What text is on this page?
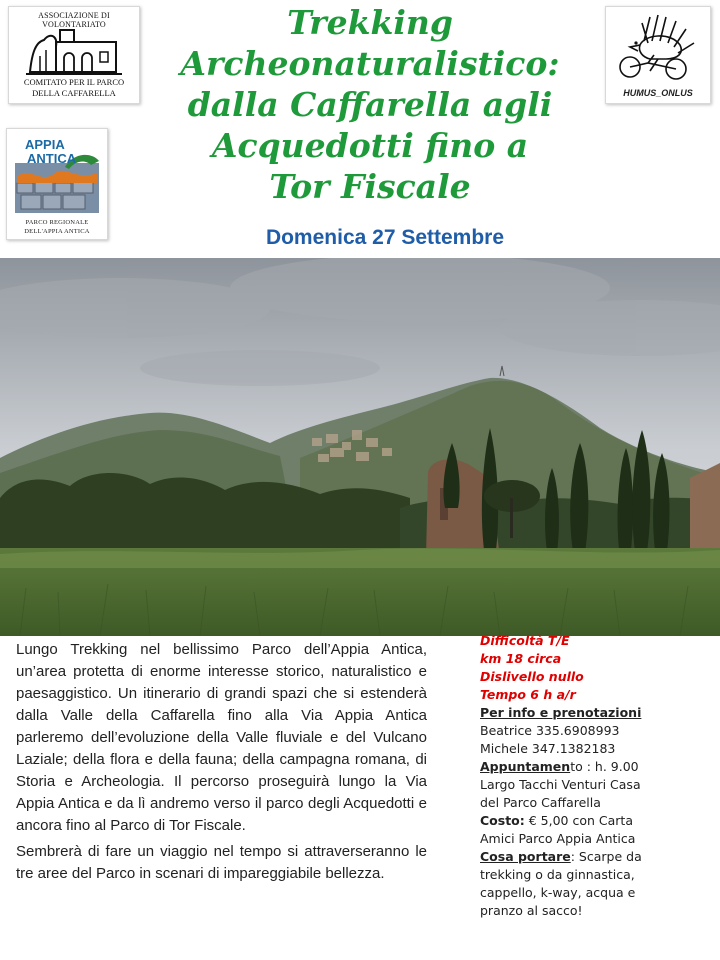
ASSOCIAZIONE DI VOLONTARIATO
COMITATO PER IL PARCO
DELLA CAFFARELLA
Trekking
Archeonaturalistico:
dalla Caffarella agli
Acquedotti fino a
Tor Fiscale
HUMUS_ONLUS
APPIA
ANTICA
PARCO REGIONALE
DELL'APPIA ANTICA	Domenica 27 Settembre

Lungo Trekking nel bellissimo Parco dell’Appia Antica, un’area protetta di enorme interesse storico, naturalistico e paesaggistico. Un itinerario di grandi spazi che si estenderà dalla Valle della Caffarella fino alla Via Appia Antica parleremo dell’evoluzione della Valle fluviale e del Vulcano Laziale; della flora e della fauna; della campagna romana, di Storia e Archeologia. Il percorso proseguirà lungo la Via Appia Antica e da lì andremo verso il parco degli Acquedotti e ancora fino al Parco di Tor Fiscale.

Sembrerà di fare un viaggio nel tempo si attraverseranno le tre aree del Parco in scenari di impareggiabile bellezza.

Difficoltà T/E
km 18 circa
Dislivello nullo
Tempo 6 h a/r
Per info e prenotazioni
Beatrice 335.6908993
Michele 347.1382183
Appuntamento : h. 9.00
Largo Tacchi Venturi Casa
del Parco Caffarella
Costo: € 5,00 con Carta
Amici Parco Appia Antica
Cosa portare: Scarpe da
trekking o da ginnastica,
cappello, k-way, acqua e
pranzo al sacco!
